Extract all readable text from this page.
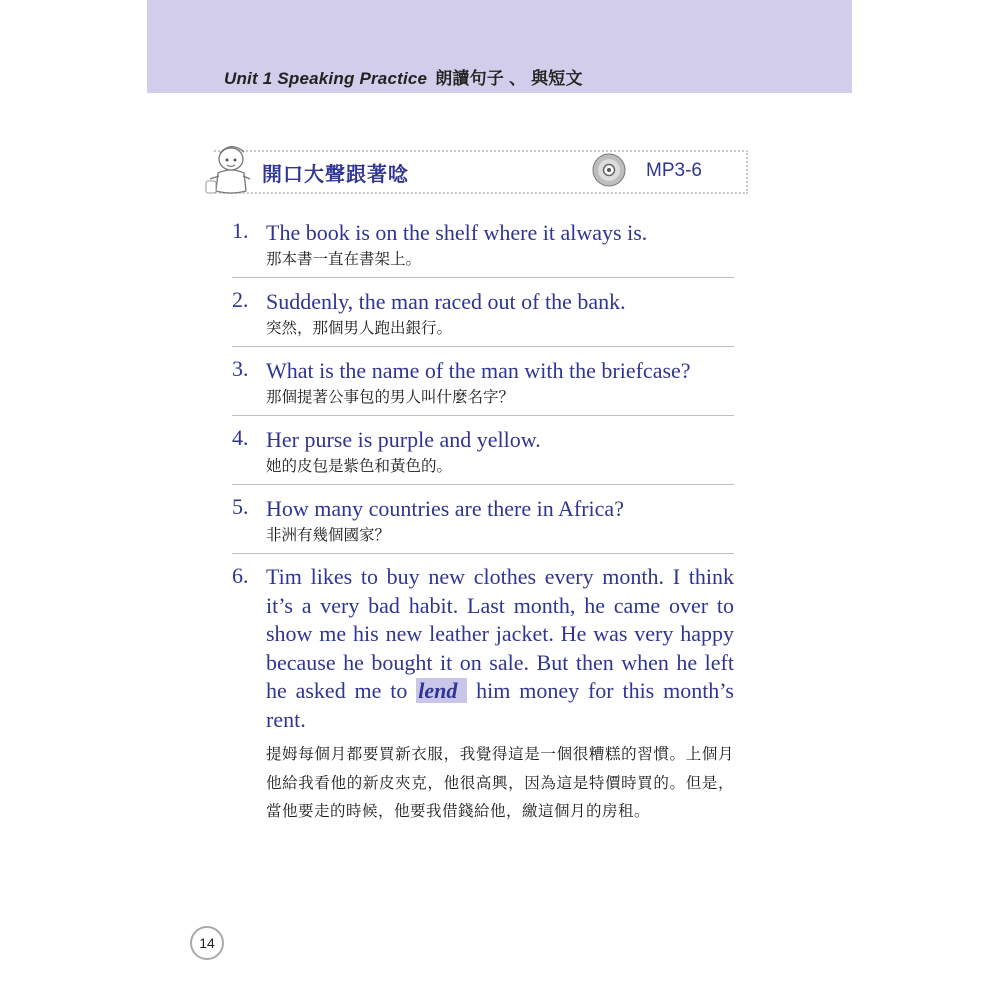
Unit 1 Speaking Practice 朗讀句子 、 與短文
開口大聲跟著唸	MP3-6
1. The book is on the shelf where it always is.
那本書一直在書架上。
2. Suddenly, the man raced out of the bank.
突然，那個男人跑出銀行。
3. What is the name of the man with the briefcase?
那個提著公事包的男人叫什麼名字？
4. Her purse is purple and yellow.
她的皮包是紫色和黃色的。
5. How many countries are there in Africa?
非洲有幾個國家？
6. Tim likes to buy new clothes every month. I think it’s a very bad habit. Last month, he came over to show me his new leather jacket. He was very happy because he bought it on sale. But then when he left he asked me to lend him money for this month’s rent.
提姆每個月都要買新衣服，我覺得這是一個很糟糕的習慣。上個月他給我看他的新皮夾克，他很高興，因為這是特價時買的。但是，當他要走的時候，他要我借錢給他，繳這個月的房租。
14
